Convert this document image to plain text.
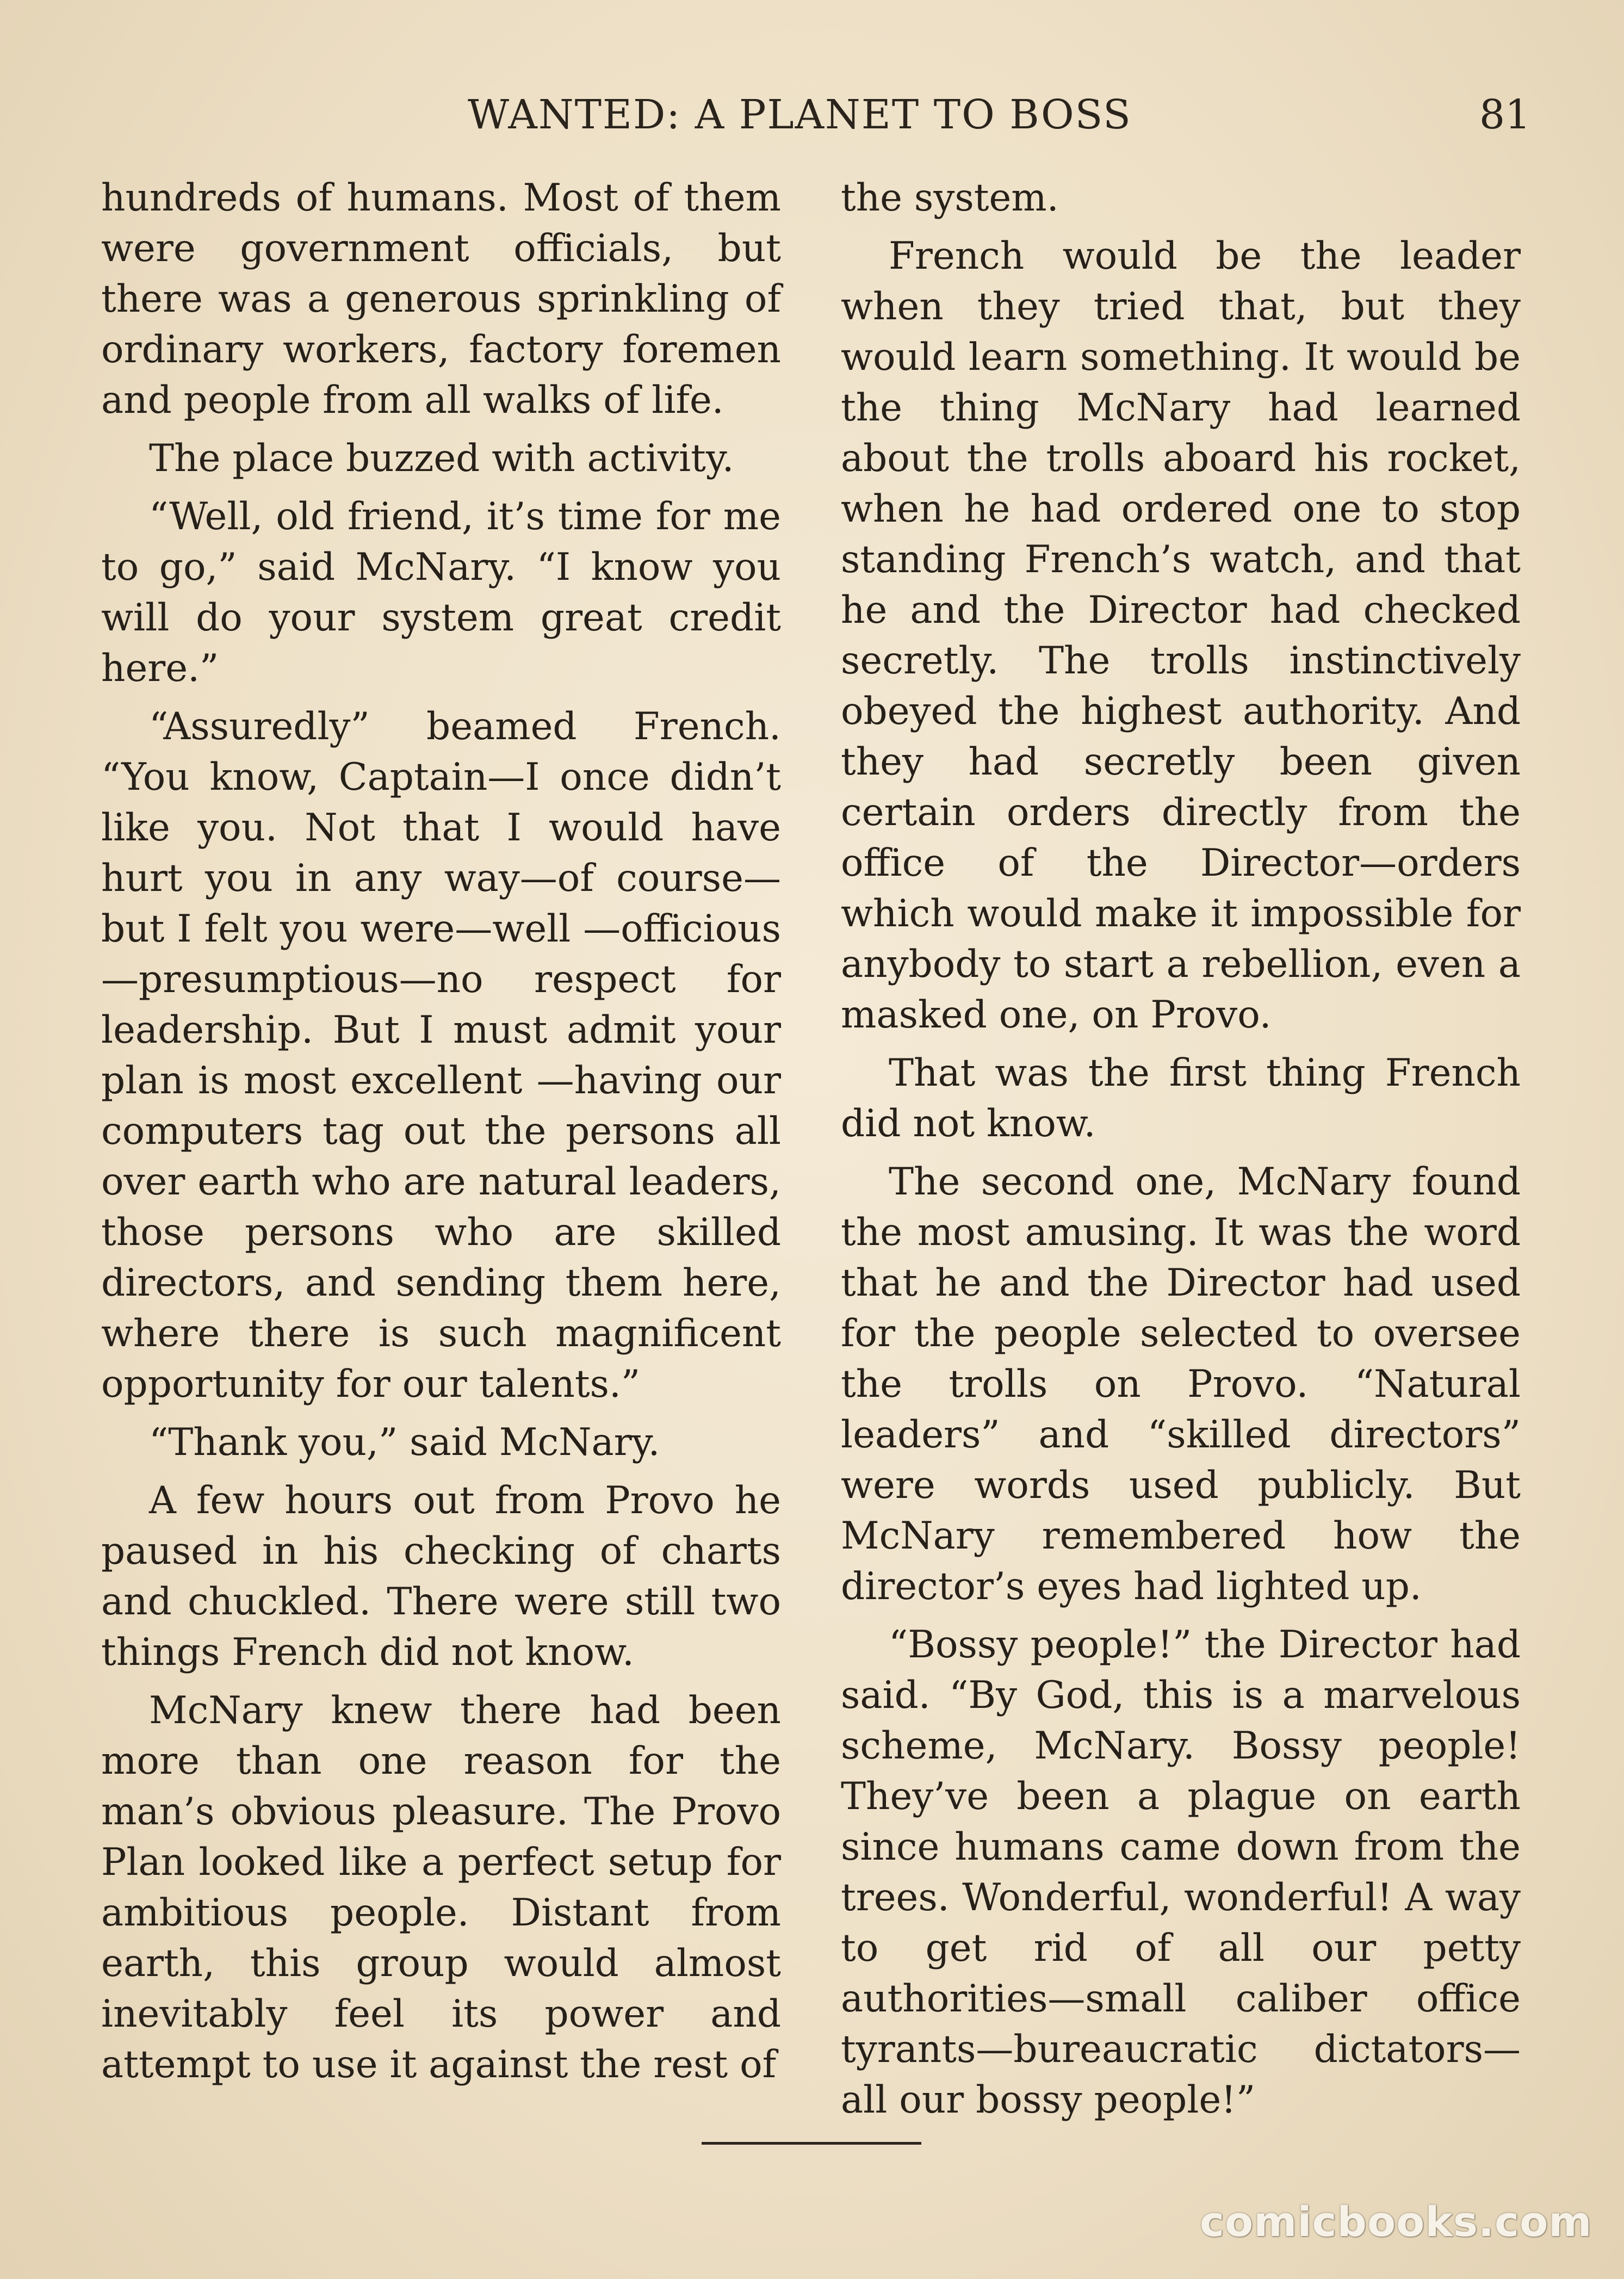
WANTED: A PLANET TO BOSS	81

hundreds of humans. Most of them were government officials, but there was a generous sprinkling of ordinary workers, factory foremen and people from all walks of life.

The place buzzed with activity.

“Well, old friend, it’s time for me to go,” said McNary. “I know you will do your system great credit here.”

“Assuredly” beamed French. “You know, Captain—I once didn’t like you. Not that I would have hurt you in any way—of course—but I felt you were—well —officious—presumptious—no respect for leadership. But I must admit your plan is most excellent —having our computers tag out the persons all over earth who are natural leaders, those persons who are skilled directors, and sending them here, where there is such magnificent opportunity for our talents.”

“Thank you,” said McNary.

A few hours out from Provo he paused in his checking of charts and chuckled. There were still two things French did not know.

McNary knew there had been more than one reason for the man’s obvious pleasure. The Provo Plan looked like a perfect setup for ambitious people. Distant from earth, this group would almost inevitably feel its power and attempt to use it against the rest of

the system.

French would be the leader when they tried that, but they would learn something. It would be the thing McNary had learned about the trolls aboard his rocket, when he had ordered one to stop standing French’s watch, and that he and the Director had checked secretly. The trolls instinctively obeyed the highest authority. And they had secretly been given certain orders directly from the office of the Director—orders which would make it impossible for anybody to start a rebellion, even a masked one, on Provo.

That was the first thing French did not know.

The second one, McNary found the most amusing. It was the word that he and the Director had used for the people selected to oversee the trolls on Provo. “Natural leaders” and “skilled directors” were words used publicly. But McNary remembered how the director’s eyes had lighted up.

“Bossy people!” the Director had said. “By God, this is a marvelous scheme, McNary. Bossy people! They’ve been a plague on earth since humans came down from the trees. Wonderful, wonderful! A way to get rid of all our petty authorities—small caliber office tyrants—bureaucratic dictators—all our bossy people!”

comicbooks.com
